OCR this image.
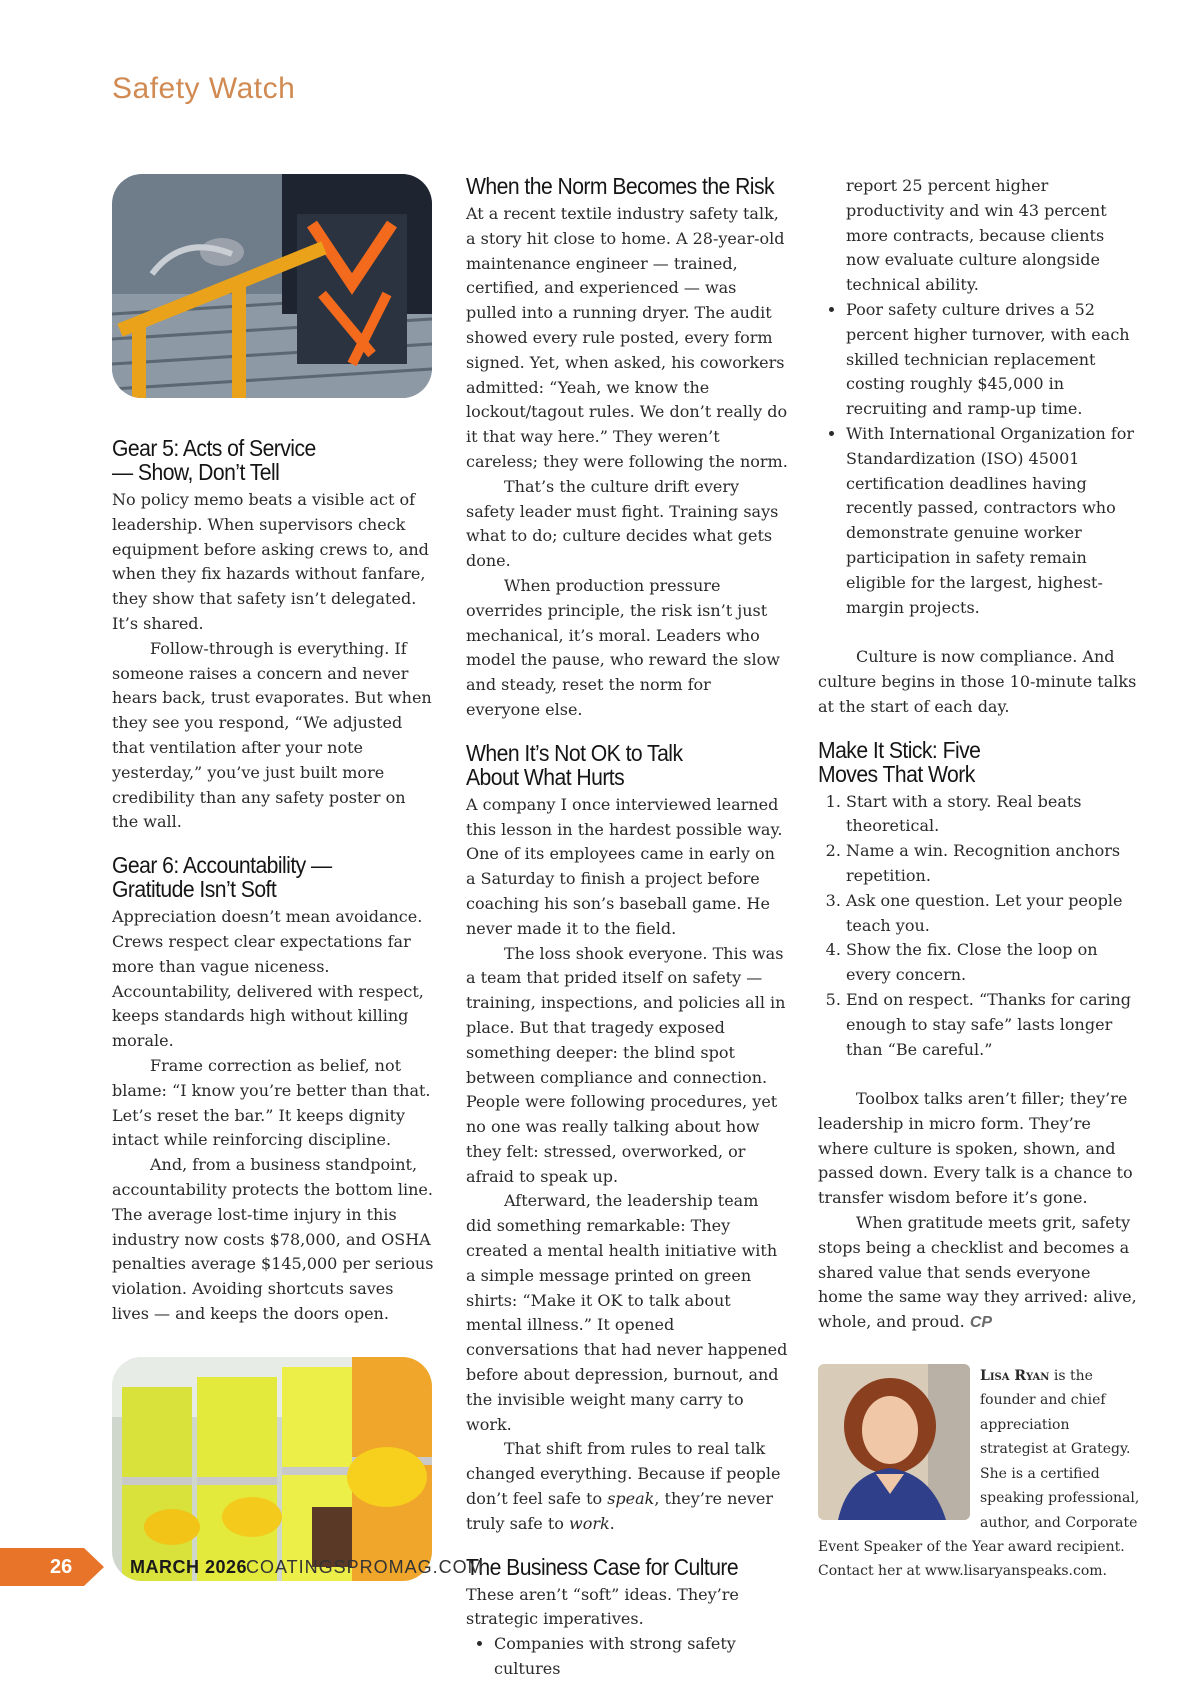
Safety Watch
Gear 5: Acts of Service — Show, Don’t Tell

No policy memo beats a visible act of leadership. When supervisors check equipment before asking crews to, and when they fix hazards without fanfare, they show that safety isn’t delegated. It’s shared.

Follow-through is everything. If someone raises a concern and never hears back, trust evaporates. But when they see you respond, “We adjusted that ventilation after your note yesterday,” you’ve just built more credibility than any safety poster on the wall.

Gear 6: Accountability — Gratitude Isn’t Soft

Appreciation doesn’t mean avoidance. Crews respect clear expectations far more than vague niceness. Accountability, delivered with respect, keeps standards high without killing morale.

Frame correction as belief, not blame: “I know you’re better than that. Let’s reset the bar.” It keeps dignity intact while reinforcing discipline.

And, from a business standpoint, accountability protects the bottom line. The average lost-time injury in this industry now costs $78,000, and OSHA penalties average $145,000 per serious violation. Avoiding shortcuts saves lives — and keeps the doors open.

When the Norm Becomes the Risk

At a recent textile industry safety talk, a story hit close to home. A 28-year-old maintenance engineer — trained, certified, and experienced — was pulled into a running dryer. The audit showed every rule posted, every form signed. Yet, when asked, his coworkers admitted: “Yeah, we know the lockout/tagout rules. We don’t really do it that way here.” They weren’t careless; they were following the norm.

That’s the culture drift every safety leader must fight. Training says what to do; culture decides what gets done.

When production pressure overrides principle, the risk isn’t just mechanical, it’s moral. Leaders who model the pause, who reward the slow and steady, reset the norm for everyone else.

When It’s Not OK to Talk About What Hurts

A company I once interviewed learned this lesson in the hardest possible way. One of its employees came in early on a Saturday to finish a project before coaching his son’s baseball game. He never made it to the field.

The loss shook everyone. This was a team that prided itself on safety — training, inspections, and policies all in place. But that tragedy exposed something deeper: the blind spot between compliance and connection. People were following procedures, yet no one was really talking about how they felt: stressed, overworked, or afraid to speak up.

Afterward, the leadership team did something remarkable: They created a mental health initiative with a simple message printed on green shirts: “Make it OK to talk about mental illness.” It opened conversations that had never happened before about depression, burnout, and the invisible weight many carry to work.

That shift from rules to real talk changed everything. Because if people don’t feel safe to speak, they’re never truly safe to work.

The Business Case for Culture

These aren’t “soft” ideas. They’re strategic imperatives.

• Companies with strong safety cultures

report 25 percent higher productivity and win 43 percent more contracts, because clients now evaluate culture alongside technical ability.

• Poor safety culture drives a 52 percent higher turnover, with each skilled technician replacement costing roughly $45,000 in recruiting and ramp-up time.
• With International Organization for Standardization (ISO) 45001 certification deadlines having recently passed, contractors who demonstrate genuine worker participation in safety remain eligible for the largest, highest-margin projects.

Culture is now compliance. And culture begins in those 10-minute talks at the start of each day.

Make It Stick: Five Moves That Work
1. Start with a story. Real beats theoretical.
2. Name a win. Recognition anchors repetition.
3. Ask one question. Let your people teach you.
4. Show the fix. Close the loop on every concern.
5. End on respect. “Thanks for caring enough to stay safe” lasts longer than “Be careful.”

Toolbox talks aren’t filler; they’re leadership in micro form. They’re where culture is spoken, shown, and passed down. Every talk is a chance to transfer wisdom before it’s gone.

When gratitude meets grit, safety stops being a checklist and becomes a shared value that sends everyone home the same way they arrived: alive, whole, and proud. CP

Lisa Ryan is the founder and chief appreciation strategist at Grategy. She is a certified speaking professional, author, and Corporate Event Speaker of the Year award recipient. Contact her at www.lisaryanspeaks.com.
26	MARCH 2026
COATINGSPROMAG.COM
